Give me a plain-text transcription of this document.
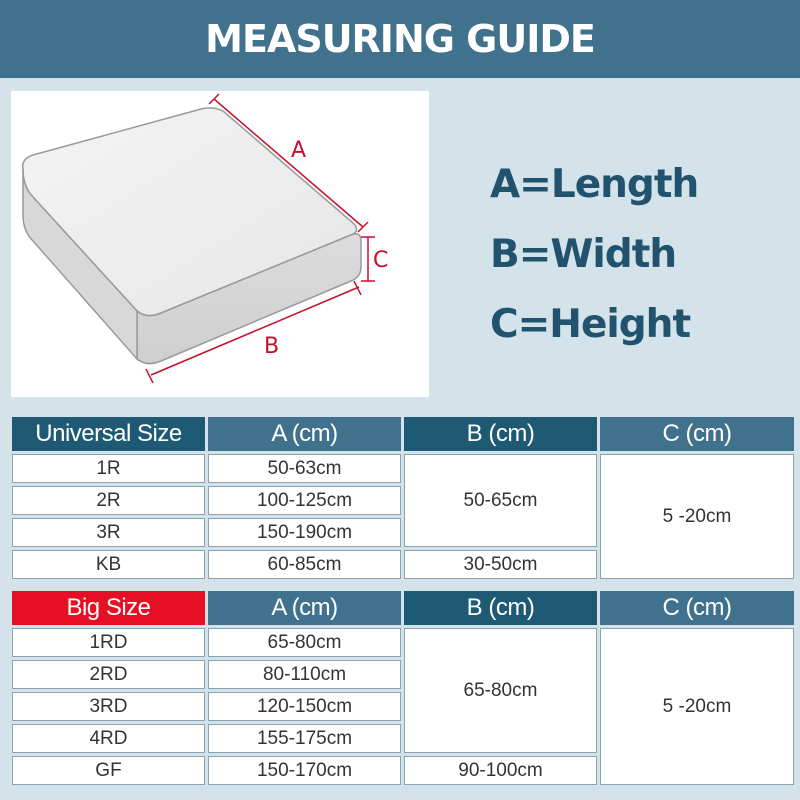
MEASURING GUIDE
A
C
B
A=Length
B=Width
C=Height
Universal Size	A (cm)	B (cm)	C (cm)
1R	50-63cm	50-65cm	5 -20cm
2R	100-125cm		
3R	150-190cm		
KB	60-85cm	30-50cm	
Big Size	A (cm)	B (cm)	C (cm)
1RD	65-80cm	65-80cm	5 -20cm
2RD	80-110cm		
3RD	120-150cm		
4RD	155-175cm		
GF	150-170cm	90-100cm	
